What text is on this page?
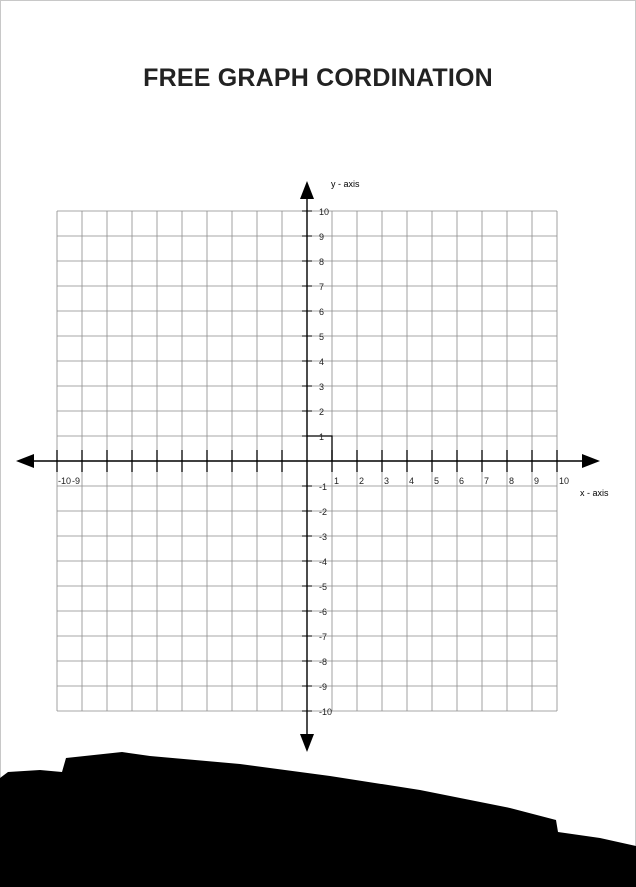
FREE GRAPH CORDINATION
-10 -9	1 2 3 4 5 6 7 8 9 10
10
9
8
7
6
5
4
3
2
1
-1
-2
-3
-4
-5
-6
-7
-8
-9
-10
y - axis
x - axis
